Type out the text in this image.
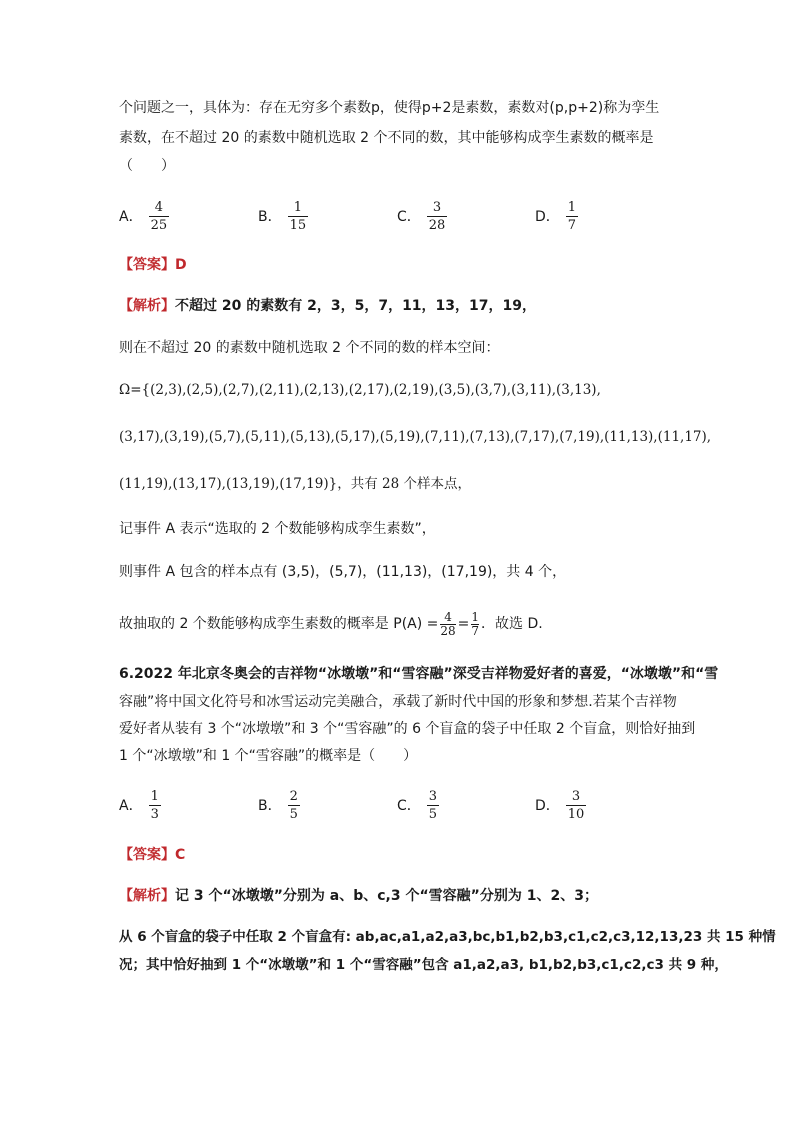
个问题之一，具体为：存在无穷多个素数p，使得p+2是素数，素数对(p,p+2)称为孪生
素数，在不超过 20 的素数中随机选取 2 个不同的数，其中能够构成孪生素数的概率是
（　　）
A． $\frac{4}{25}$	B． $\frac{1}{15}$	C． $\frac{3}{28}$	D． $\frac{1}{7}$
【答案】D
【解析】不超过 20 的素数有 2，3，5，7，11，13，17，19，
则在不超过 20 的素数中随机选取 2 个不同的数的样本空间：
Ω={(2,3),(2,5),(2,7),(2,11),(2,13),(2,17),(2,19),(3,5),(3,7),(3,11),(3,13),
(3,17),(3,19),(5,7),(5,11),(5,13),(5,17),(5,19),(7,11),(7,13),(7,17),(7,19),(11,13),(11,17),
(11,19),(13,17),(13,19),(17,19)}，共有 28 个样本点，
记事件 A 表示“选取的 2 个数能够构成孪生素数”，
则事件 A 包含的样本点有 (3,5)，(5,7)，(11,13)，(17,19)，共 4 个，
故抽取的 2 个数能够构成孪生素数的概率是 $P(A) = \frac{4}{28} = \frac{1}{7}$ ．故选 D.
6.2022 年北京冬奥会的吉祥物“冰墩墩”和“雪容融”深受吉祥物爱好者的喜爱，“冰墩墩”和“雪
容融”将中国文化符号和冰雪运动完美融合，承载了新时代中国的形象和梦想.若某个吉祥物
爱好者从装有 3 个“冰墩墩”和 3 个“雪容融”的 6 个盲盒的袋子中任取 2 个盲盒，则恰好抽到
1 个“冰墩墩”和 1 个“雪容融”的概率是（　　）
A． $\frac{1}{3}$	B． $\frac{2}{5}$	C． $\frac{3}{5}$	D． $\frac{3}{10}$
【答案】C
【解析】记 3 个“冰墩墩”分别为 a、b、c,3 个“雪容融”分别为 1、2、3；
从 6 个盲盒的袋子中任取 2 个盲盒有: ab,ac,a1,a2,a3,bc,b1,b2,b3,c1,c2,c3,12,13,23 共 15 种情
况；其中恰好抽到 1 个“冰墩墩”和 1 个“雪容融”包含 a1,a2,a3, b1,b2,b3,c1,c2,c3 共 9 种，
